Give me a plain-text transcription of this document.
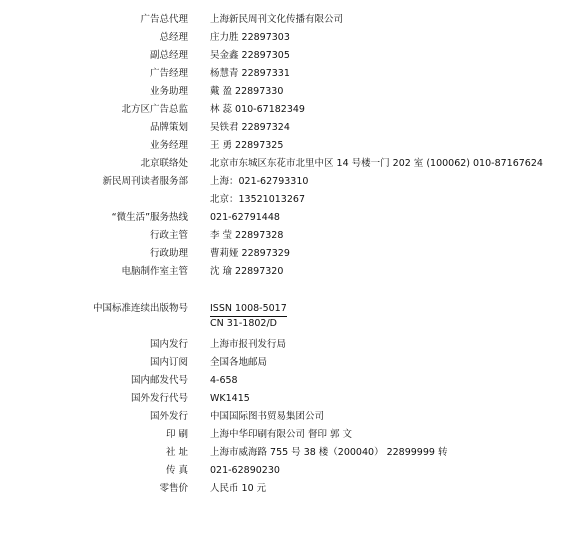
广告总代理 上海新民周刊文化传播有限公司
总经理 庄力胜 22897303
副总经理 吴金鑫 22897305
广告经理 杨慧青 22897331
业务助理 戴 盈 22897330
北方区广告总监 林 蕊 010-67182349
品牌策划 吴铁君 22897324
业务经理 王 勇 22897325
北京联络处 北京市东城区东花市北里中区 14 号楼一门 202 室 (100062) 010-87167624
新民周刊读者服务部 上海：021-62793310
北京：13521013267
“微生活”服务热线 021-62791448
行政主管 李 莹 22897328
行政助理 曹莉娅 22897329
电脑制作室主管 沈 瑜 22897320
中国标准连续出版物号 ISSN 1008-5017
CN 31-1802/D
国内发行 上海市报刊发行局
国内订阅 全国各地邮局
国内邮发代号 4-658
国外发行代号 WK1415
国外发行 中国国际图书贸易集团公司
印 刷 上海中华印刷有限公司 督印 郭 文
社 址 上海市威海路 755 号 38 楼（200040） 22899999 转
传 真 021-62890230
零售价 人民币 10 元
